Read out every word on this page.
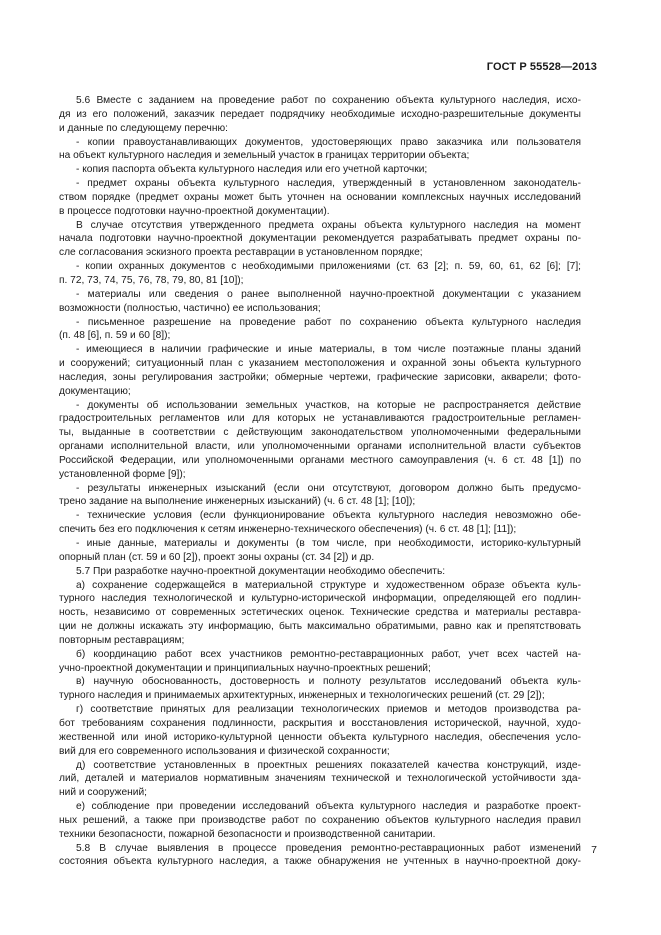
ГОСТ Р 55528—2013
5.6 Вместе с заданием на проведение работ по сохранению объекта культурного наследия, исхо-
дя из его положений, заказчик передает подрядчику необходимые исходно-разрешительные документы
и данные по следующему перечню:
- копии правоустанавливающих документов, удостоверяющих право заказчика или пользователя
на объект культурного наследия и земельный участок в границах территории объекта;
- копия паспорта объекта культурного наследия или его учетной карточки;
- предмет охраны объекта культурного наследия, утвержденный в установленном законодатель-
ством порядке (предмет охраны может быть уточнен на основании комплексных научных исследований
в процессе подготовки научно-проектной документации).
В случае отсутствия утвержденного предмета охраны объекта культурного наследия на момент
начала подготовки научно-проектной документации рекомендуется разрабатывать предмет охраны по-
сле согласования эскизного проекта реставрации в установленном порядке;
- копии охранных документов с необходимыми приложениями (ст. 63 [2]; п. 59, 60, 61, 62 [6]; [7];
п. 72, 73, 74, 75, 76, 78, 79, 80, 81 [10]);
- материалы или сведения о ранее выполненной научно-проектной документации с указанием
возможности (полностью, частично) ее использования;
- письменное разрешение на проведение работ по сохранению объекта культурного наследия
(п. 48 [6], п. 59 и 60 [8]);
- имеющиеся в наличии графические и иные материалы, в том числе поэтажные планы зданий
и сооружений; ситуационный план с указанием местоположения и охранной зоны объекта культурного
наследия, зоны регулирования застройки; обмерные чертежи, графические зарисовки, акварели; фото-
документацию;
- документы об использовании земельных участков, на которые не распространяется действие
градостроительных регламентов или для которых не устанавливаются градостроительные регламен-
ты, выданные в соответствии с действующим законодательством уполномоченными федеральными
органами исполнительной власти, или уполномоченными органами исполнительной власти субъектов
Российской Федерации, или уполномоченными органами местного самоуправления (ч. 6 ст. 48 [1]) по
установленной форме [9]);
- результаты инженерных изысканий (если они отсутствуют, договором должно быть предусмо-
трено задание на выполнение инженерных изысканий) (ч. 6 ст. 48 [1]; [10]);
- технические условия (если функционирование объекта культурного наследия невозможно обе-
спечить без его подключения к сетям инженерно-технического обеспечения) (ч. 6 ст. 48 [1]; [11]);
- иные данные, материалы и документы (в том числе, при необходимости, историко-культурный
опорный план (ст. 59 и 60 [2]), проект зоны охраны (ст. 34 [2]) и др.
5.7 При разработке научно-проектной документации необходимо обеспечить:
а) сохранение содержащейся в материальной структуре и художественном образе объекта куль-
турного наследия технологической и культурно-исторической информации, определяющей его подлин-
ность, независимо от современных эстетических оценок. Технические средства и материалы реставра-
ции не должны искажать эту информацию, быть максимально обратимыми, равно как и препятствовать
повторным реставрациям;
б) координацию работ всех участников ремонтно-реставрационных работ, учет всех частей на-
учно-проектной документации и принципиальных научно-проектных решений;
в) научную обоснованность, достоверность и полноту результатов исследований объекта куль-
турного наследия и принимаемых архитектурных, инженерных и технологических решений (ст. 29 [2]);
г) соответствие принятых для реализации технологических приемов и методов производства ра-
бот требованиям сохранения подлинности, раскрытия и восстановления исторической, научной, худо-
жественной или иной историко-культурной ценности объекта культурного наследия, обеспечения усло-
вий для его современного использования и физической сохранности;
д) соответствие установленных в проектных решениях показателей качества конструкций, изде-
лий, деталей и материалов нормативным значениям технической и технологической устойчивости зда-
ний и сооружений;
е) соблюдение при проведении исследований объекта культурного наследия и разработке проект-
ных решений, а также при производстве работ по сохранению объектов культурного наследия правил
техники безопасности, пожарной безопасности и производственной санитарии.
5.8 В случае выявления в процессе проведения ремонтно-реставрационных работ изменений
состояния объекта культурного наследия, а также обнаружения не учтенных в научно-проектной доку-
7
